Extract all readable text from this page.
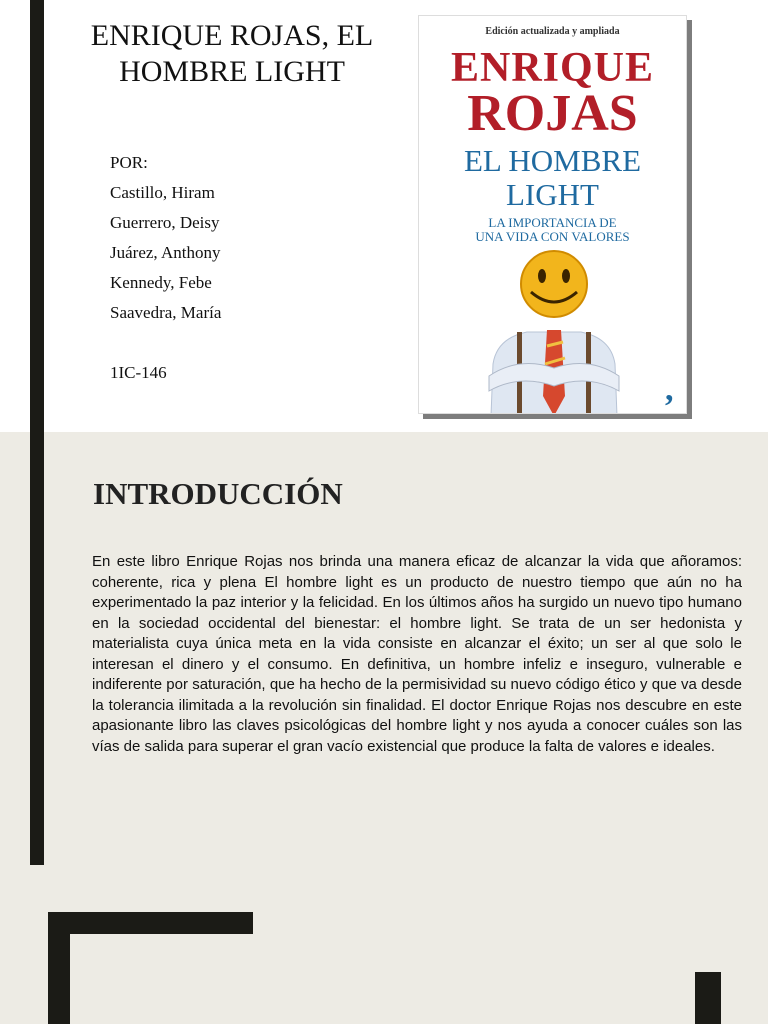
ENRIQUE ROJAS, EL HOMBRE LIGHT
POR:
Castillo, Hiram
Guerrero, Deisy
Juárez, Anthony
Kennedy, Febe
Saavedra, María
1IC-146
Edición actualizada y ampliada
ENRIQUE
ROJAS
EL HOMBRE
LIGHT
LA IMPORTANCIA DE
UNA VIDA CON VALORES
,
INTRODUCCIÓN
En este libro Enrique Rojas nos brinda una manera eficaz de alcanzar la vida que añoramos: coherente, rica y plena El hombre light es un producto de nuestro tiempo que aún no ha experimentado la paz interior y la felicidad. En los últimos años ha surgido un nuevo tipo humano en la sociedad occidental del bienestar: el hombre light. Se trata de un ser hedonista y materialista cuya única meta en la vida consiste en alcanzar el éxito; un ser al que solo le interesan el dinero y el consumo. En definitiva, un hombre infeliz e inseguro, vulnerable e indiferente por saturación, que ha hecho de la permisividad su nuevo código ético y que va desde la tolerancia ilimitada a la revolución sin finalidad. El doctor Enrique Rojas nos descubre en este apasionante libro las claves psicológicas del hombre light y nos ayuda a conocer cuáles son las vías de salida para superar el gran vacío existencial que produce la falta de valores e ideales.
